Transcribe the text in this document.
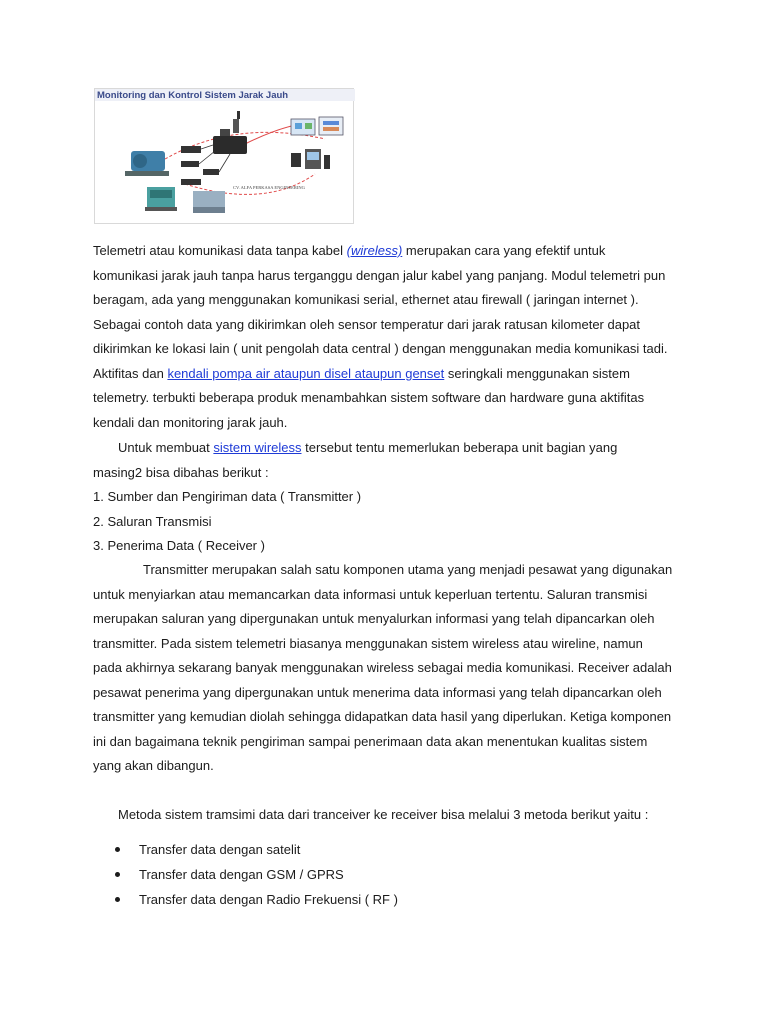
Monitoring dan Kontrol Sistem Jarak Jauh
CV. ALFA PERKASA ENGINEERING
Telemetri atau komunikasi data tanpa kabel (wireless) merupakan cara yang efektif untuk
komunikasi jarak jauh tanpa harus terganggu dengan jalur kabel yang panjang. Modul telemetri pun
beragam, ada yang menggunakan komunikasi serial, ethernet atau firewall ( jaringan internet ).
Sebagai contoh data yang dikirimkan oleh sensor temperatur dari jarak ratusan kilometer dapat
dikirimkan ke lokasi lain ( unit pengolah data central ) dengan menggunakan media komunikasi tadi.
Aktifitas dan kendali pompa air ataupun disel ataupun genset seringkali menggunakan sistem
telemetry. terbukti beberapa produk menambahkan sistem software dan hardware guna aktifitas
kendali dan monitoring jarak jauh.
Untuk membuat sistem wireless tersebut tentu memerlukan beberapa unit bagian yang
masing2 bisa dibahas berikut :
1. Sumber dan Pengiriman data ( Transmitter )
2. Saluran Transmisi
3. Penerima Data ( Receiver )
Transmitter merupakan salah satu komponen utama yang menjadi pesawat yang digunakan
untuk menyiarkan atau memancarkan data informasi untuk keperluan tertentu. Saluran transmisi
merupakan saluran yang dipergunakan untuk menyalurkan informasi yang telah dipancarkan oleh
transmitter. Pada sistem telemetri biasanya menggunakan sistem wireless atau wireline, namun
pada akhirnya sekarang banyak menggunakan wireless sebagai media komunikasi. Receiver adalah
pesawat penerima yang dipergunakan untuk menerima data informasi yang telah dipancarkan oleh
transmitter yang kemudian diolah sehingga didapatkan data hasil yang diperlukan. Ketiga komponen
ini dan bagaimana teknik pengiriman sampai penerimaan data akan menentukan kualitas sistem
yang akan dibangun.
Metoda sistem tramsimi data dari tranceiver ke receiver bisa melalui 3 metoda berikut yaitu :
Transfer data dengan satelit
Transfer data dengan GSM / GPRS
Transfer data dengan Radio Frekuensi ( RF )
